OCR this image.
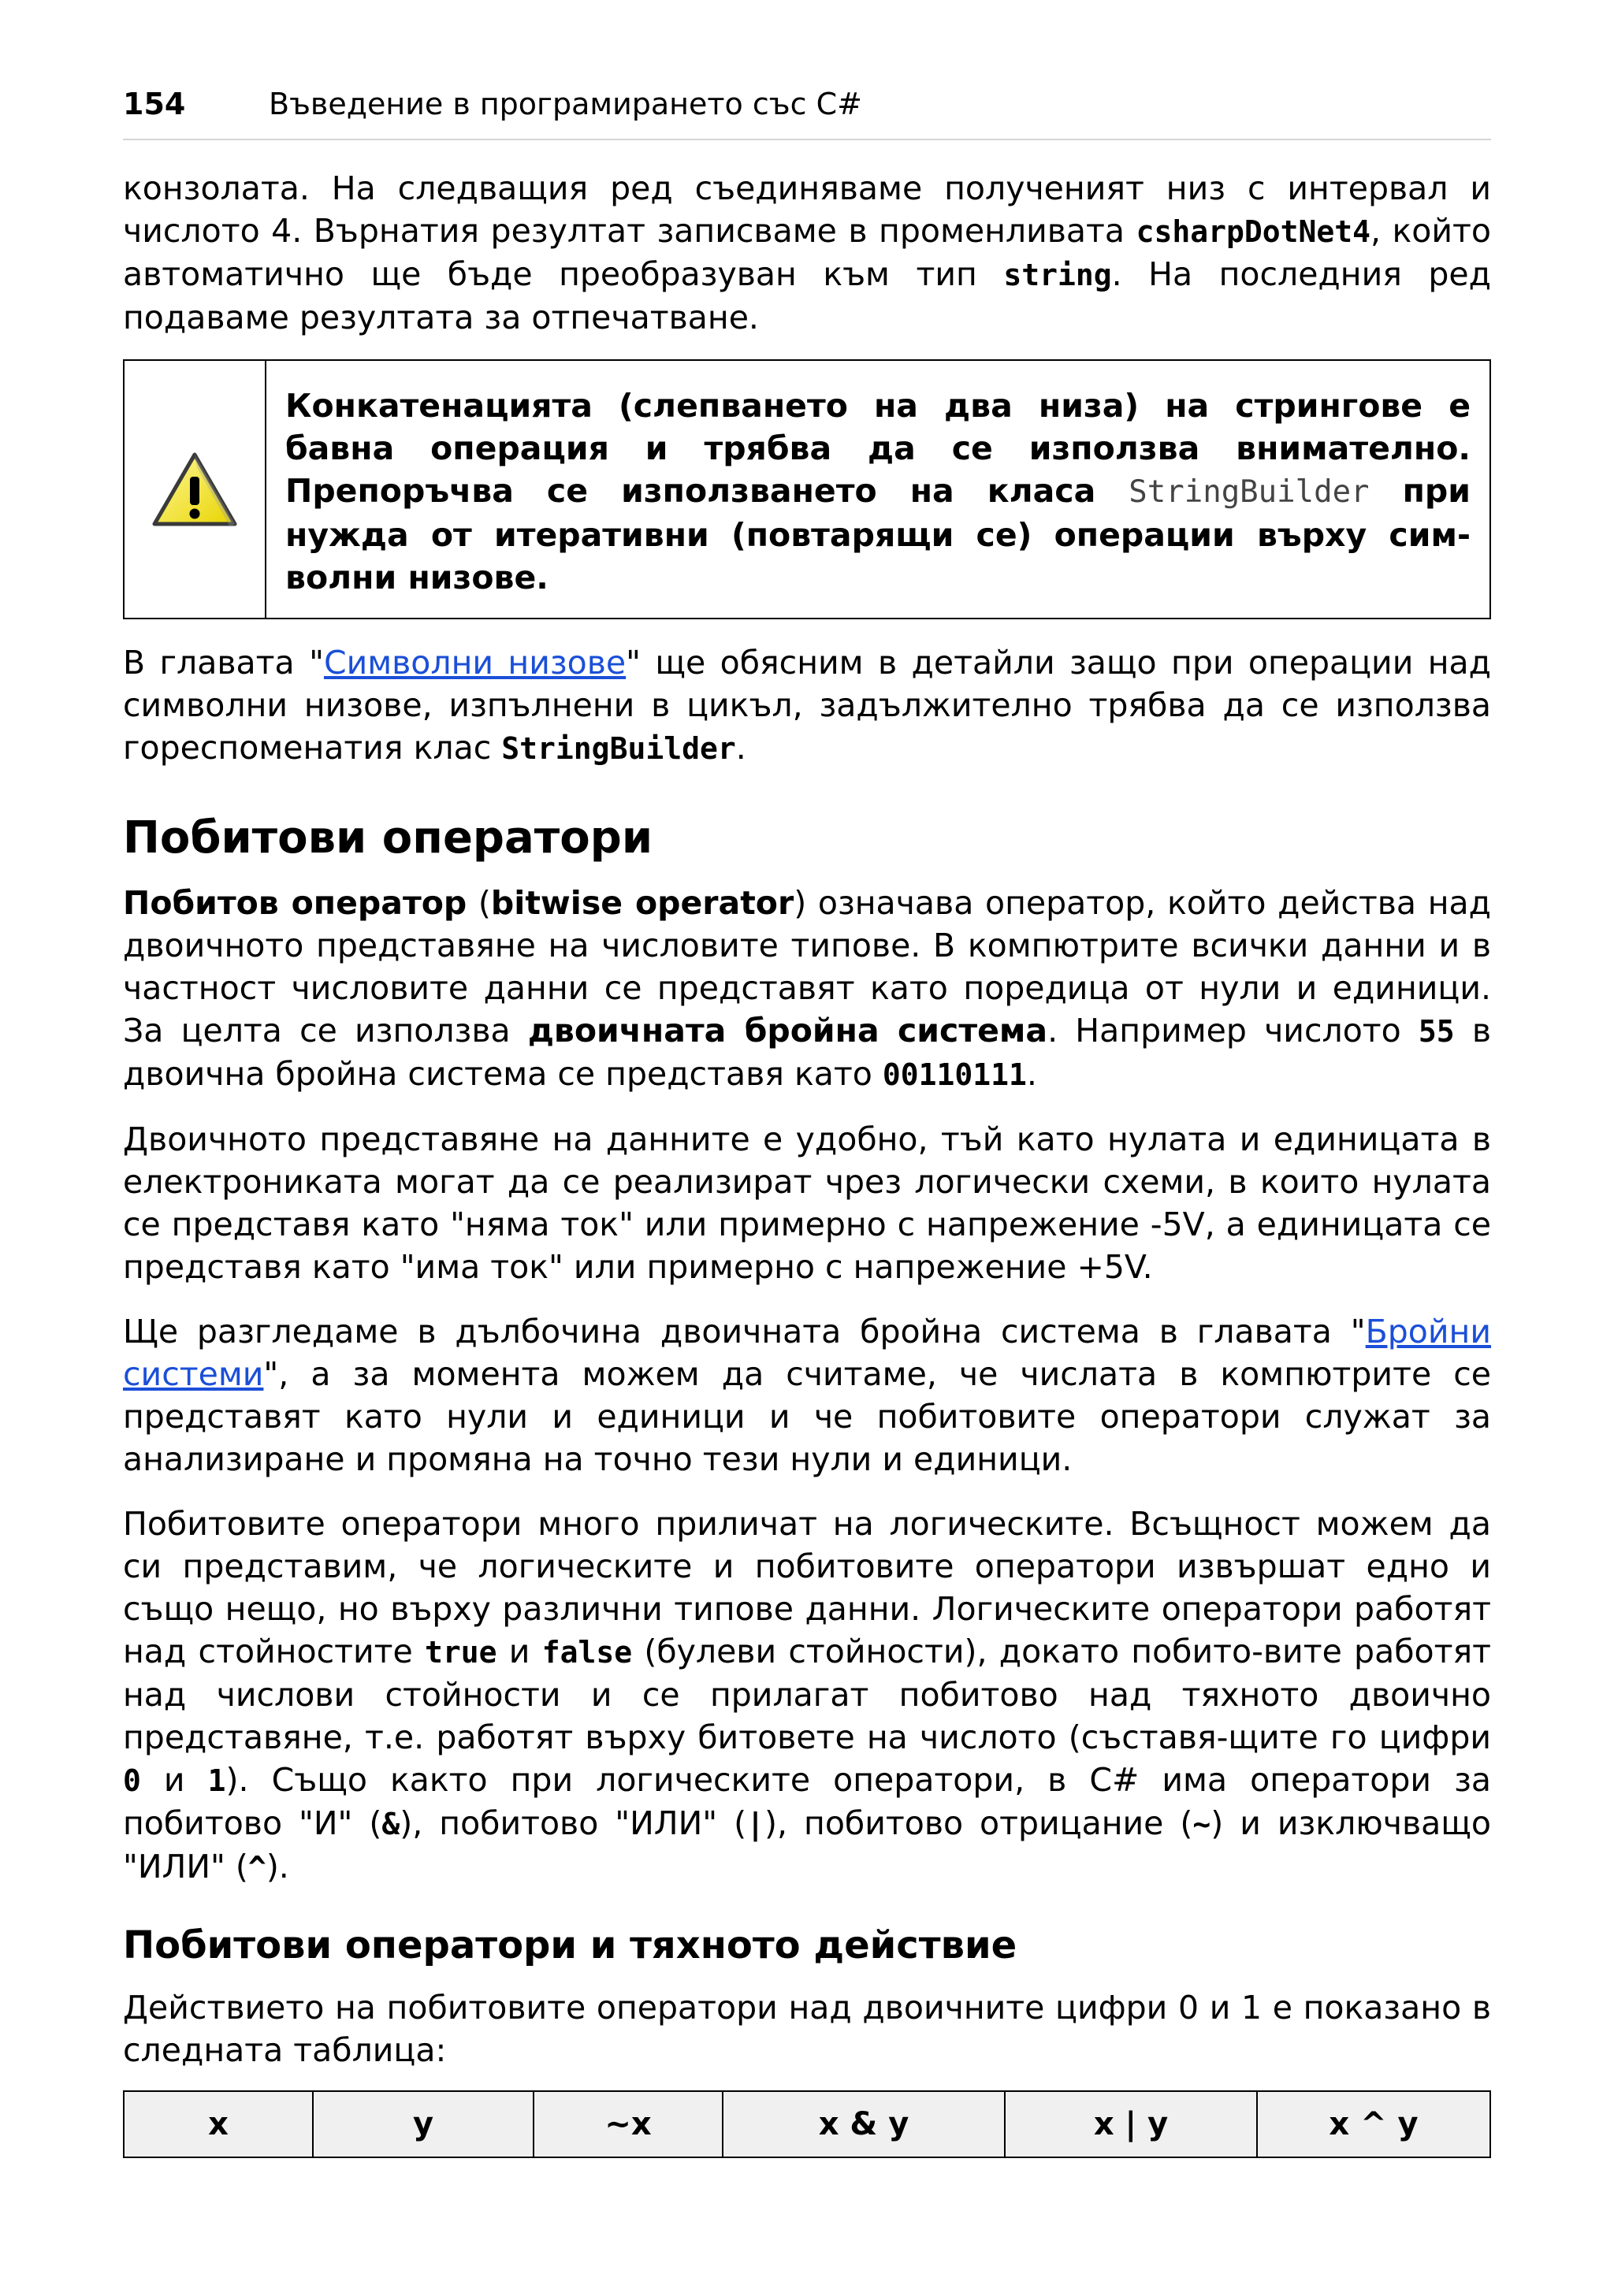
154	Въведение в програмирането със C#

конзолата. На следващия ред съединяваме полученият низ с интервал и числото 4. Върнатия резултат записваме в променливата csharpDotNet4, който автоматично ще бъде преобразуван към тип string. На последния ред подаваме резултата за отпечатване.

Конкатенацията (слепването на два низа) на стрингове е бавна операция и трябва да се използва внимателно. Препоръчва се използването на класа StringBuilder при нужда от итеративни (повтарящи се) операции върху сим-волни низове.

В главата "Символни низове" ще обясним в детайли защо при операции над символни низове, изпълнени в цикъл, задължително трябва да се използва гореспоменатия клас StringBuilder.

Побитови оператори

Побитов оператор (bitwise operator) означава оператор, който действа над двоичното представяне на числовите типове. В компютрите всички данни и в частност числовите данни се представят като поредица от нули и единици. За целта се използва двоичната бройна система. Например числото 55 в двоична бройна система се представя като 00110111.

Двоичното представяне на данните е удобно, тъй като нулата и единицата в електрониката могат да се реализират чрез логически схеми, в които нулата се представя като "няма ток" или примерно с напрежение -5V, а единицата се представя като "има ток" или примерно с напрежение +5V.

Ще разгледаме в дълбочина двоичната бройна система в главата "Бройни системи", а за момента можем да считаме, че числата в компютрите се представят като нули и единици и че побитовите оператори служат за анализиране и промяна на точно тези нули и единици.

Побитовите оператори много приличат на логическите. Всъщност можем да си представим, че логическите и побитовите оператори извършат едно и също нещо, но върху различни типове данни. Логическите оператори работят над стойностите true и false (булеви стойности), докато побито-вите работят над числови стойности и се прилагат побитово над тяхното двоично представяне, т.е. работят върху битовете на числото (съставя-щите го цифри 0 и 1). Също както при логическите оператори, в C# има оператори за побитово "И" (&), побитово "ИЛИ" (|), побитово отрицание (~) и изключващо "ИЛИ" (^).

Побитови оператори и тяхното действие

Действието на побитовите оператори над двоичните цифри 0 и 1 е показано в следната таблица:

x	y	~x	x & y	x | y	x ^ y
